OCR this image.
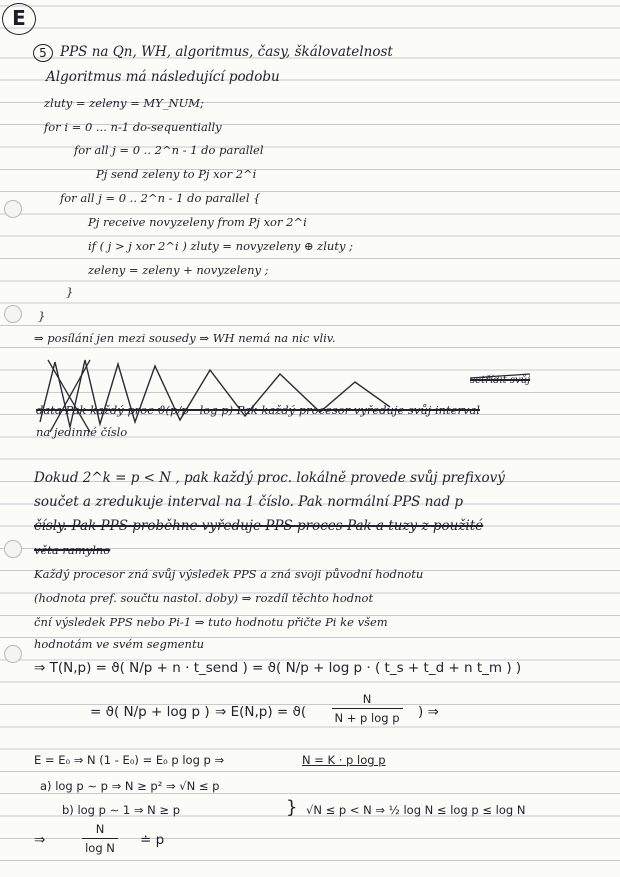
E
5 PPS na Qn, WH, algoritmus, časy, škálovatelnost
Algoritmus má následující podobu
zluty = zeleny = MY_NUM;
for i = 0 ... n-1 do-sequentially
for all j = 0 .. 2^n - 1 do parallel
Pj send zeleny to Pj xor 2^i
for all j = 0 .. 2^n - 1 do parallel {
Pj receive novyzeleny from Pj xor 2^i
if ( j > j xor 2^i ) zluty = novyzeleny ⊕ zluty ;
zeleny = zeleny + novyzeleny ;
}
}
⇒ posílání jen mezi sousedy ⇒ WH nemá na nic vliv.
setřídit svůj
data Pak každý proc ϑ(p/p · log p) Pak každý procesor vyředuje svůj interval
na jedinné číslo
Dokud 2^k = p < N , pak každý proc. lokálně provede svůj prefixový
součet a zredukuje interval na 1 číslo. Pak normální PPS nad p
čísly. Pak PPS proběhne vyředuje PPS proces Pak a tuzy z použité
věta ramylno
Každý procesor zná svůj výsledek PPS a zná svoji původní hodnotu
(hodnota pref. součtu nastol. doby) ⇒ rozdíl těchto hodnot
ční výsledek PPS nebo Pi-1 ⇒ tuto hodnotu přičte Pi ke všem
hodnotám ve svém segmentu
⇒ T(N,p) = ϑ( N/p + n · t_send ) = ϑ( N/p + log p · ( t_s + t_d + n t_m ) )
= ϑ( N/p + log p ) ⇒ $E(N,p) = ϑ( \frac{N}{\text{N + p log p}}$ ) ⇒
E = E₀ ⇒ N (1 - E₀) = E₀ p log p ⇒	N = K · p log p
a) log p ∼ p ⇒ N ≥ p² ⇒ √N ≤ p
b) log p ∼ 1 ⇒ N ≥ p	} √N ≤ p < N ⇒ ½ log N ≤ log p ≤ log N
⇒	$\frac{N}{\text{log N}}$ ≐ p
